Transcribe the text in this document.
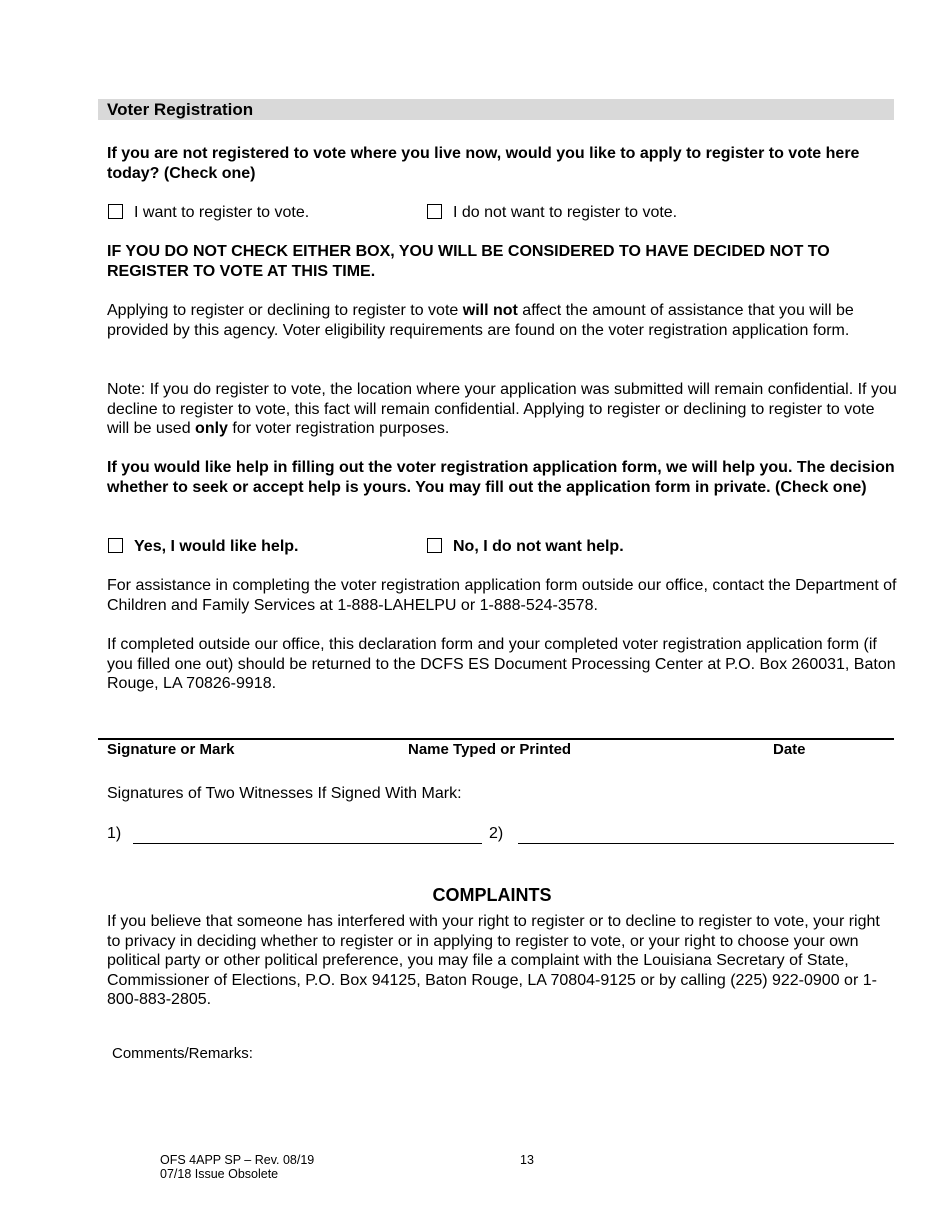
Voter Registration
If you are not registered to vote where you live now, would you like to apply to register to vote here today? (Check one)
I want to register to vote.	I do not want to register to vote.
IF YOU DO NOT CHECK EITHER BOX, YOU WILL BE CONSIDERED TO HAVE DECIDED NOT TO REGISTER TO VOTE AT THIS TIME.
Applying to register or declining to register to vote will not affect the amount of assistance that you will be provided by this agency. Voter eligibility requirements are found on the voter registration application form.
Note: If you do register to vote, the location where your application was submitted will remain confidential. If you decline to register to vote, this fact will remain confidential. Applying to register or declining to register to vote will be used only for voter registration purposes.
If you would like help in filling out the voter registration application form, we will help you. The decision whether to seek or accept help is yours. You may fill out the application form in private. (Check one)
Yes, I would like help.	No, I do not want help.
For assistance in completing the voter registration application form outside our office, contact the Department of Children and Family Services at 1-888-LAHELPU or 1-888-524-3578.
If completed outside our office, this declaration form and your completed voter registration application form (if you filled one out) should be returned to the DCFS ES Document Processing Center at P.O. Box 260031, Baton Rouge, LA 70826-9918.
Signature or Mark	Name Typed or Printed	Date
Signatures of Two Witnesses If Signed With Mark:
1)	2)
COMPLAINTS
If you believe that someone has interfered with your right to register or to decline to register to vote, your right to privacy in deciding whether to register or in applying to register to vote, or your right to choose your own political party or other political preference, you may file a complaint with the Louisiana Secretary of State, Commissioner of Elections, P.O. Box 94125, Baton Rouge, LA 70804-9125 or by calling (225) 922-0900 or 1-800-883-2805.
Comments/Remarks:
OFS 4APP SP – Rev. 08/19
07/18 Issue Obsolete
13
